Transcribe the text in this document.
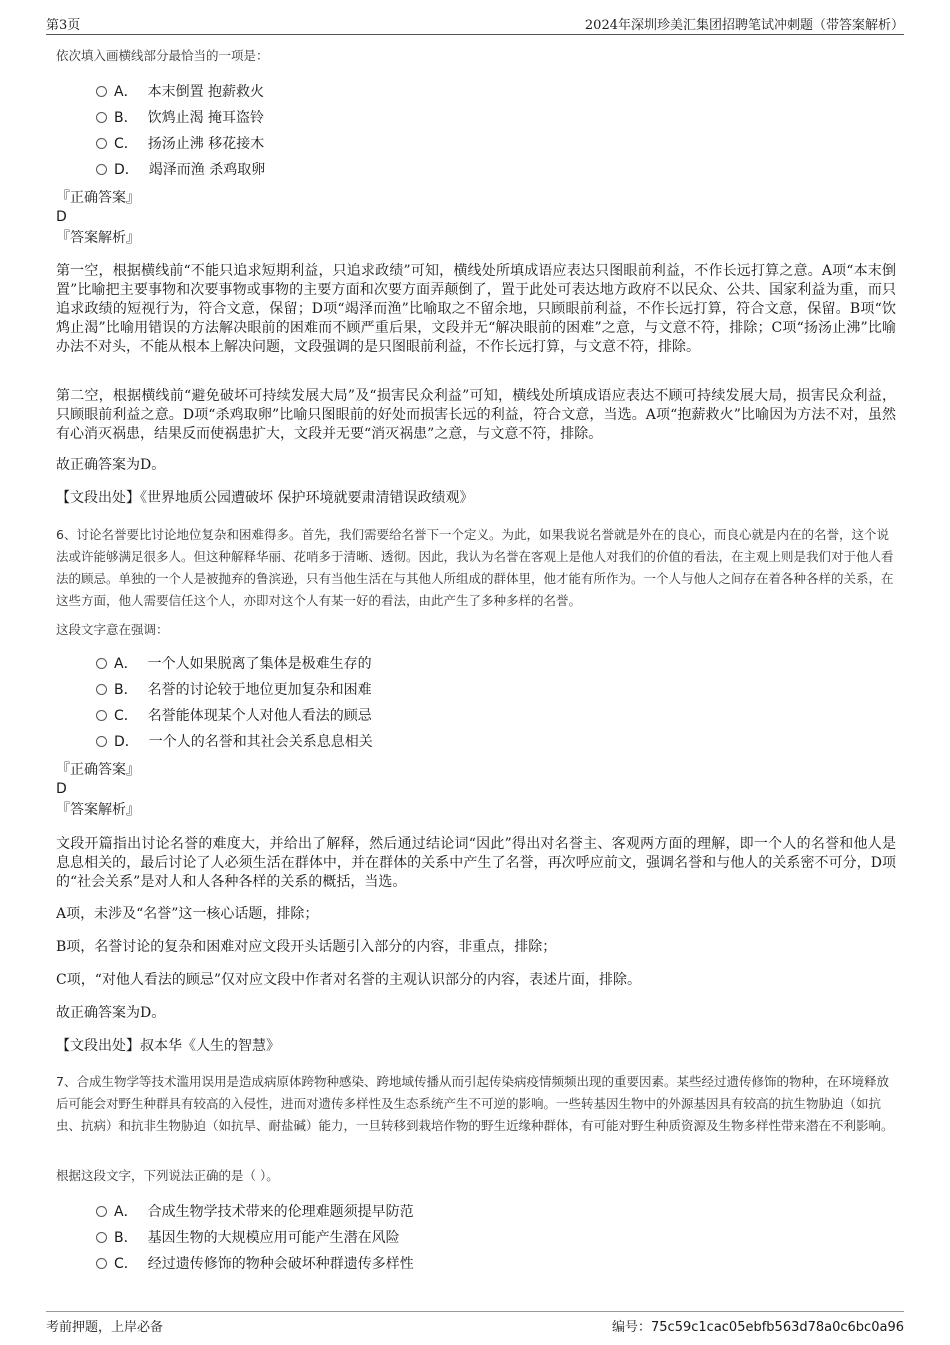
第3页	2024年深圳珍美汇集团招聘笔试冲刺题（带答案解析）
依次填入画横线部分最恰当的一项是：
A． 本末倒置 抱薪救火
B． 饮鸩止渴 掩耳盗铃
C． 扬汤止沸 移花接木
D． 竭泽而渔 杀鸡取卵
『正确答案』
D
『答案解析』
第一空，根据横线前“不能只追求短期利益，只追求政绩”可知，横线处所填成语应表达只图眼前利益，不作长远打算之意。A项“本末倒置”比喻把主要事物和次要事物或事物的主要方面和次要方面弄颠倒了，置于此处可表达地方政府不以民众、公共、国家利益为重，而只追求政绩的短视行为，符合文意，保留；D项“竭泽而渔”比喻取之不留余地，只顾眼前利益，不作长远打算，符合文意，保留。B项“饮鸩止渴”比喻用错误的方法解决眼前的困难而不顾严重后果，文段并无“解决眼前的困难”之意，与文意不符，排除；C项“扬汤止沸”比喻办法不对头，不能从根本上解决问题，文段强调的是只图眼前利益，不作长远打算，与文意不符，排除。
第二空，根据横线前“避免破坏可持续发展大局”及“损害民众利益”可知，横线处所填成语应表达不顾可持续发展大局，损害民众利益，只顾眼前利益之意。D项“杀鸡取卵”比喻只图眼前的好处而损害长远的利益，符合文意，当选。A项“抱薪救火”比喻因为方法不对，虽然有心消灭祸患，结果反而使祸患扩大，文段并无要“消灭祸患”之意，与文意不符，排除。
故正确答案为D。
【文段出处】《世界地质公园遭破坏 保护环境就要肃清错误政绩观》
6、讨论名誉要比讨论地位复杂和困难得多。首先，我们需要给名誉下一个定义。为此，如果我说名誉就是外在的良心，而良心就是内在的名誉，这个说法或许能够满足很多人。但这种解释华丽、花哨多于清晰、透彻。因此，我认为名誉在客观上是他人对我们的价值的看法，在主观上则是我们对于他人看法的顾忌。单独的一个人是被抛弃的鲁滨逊，只有当他生活在与其他人所组成的群体里，他才能有所作为。一个人与他人之间存在着各种各样的关系，在这些方面，他人需要信任这个人，亦即对这个人有某一好的看法，由此产生了多种多样的名誉。
这段文字意在强调：
A． 一个人如果脱离了集体是极难生存的
B． 名誉的讨论较于地位更加复杂和困难
C． 名誉能体现某个人对他人看法的顾忌
D． 一个人的名誉和其社会关系息息相关
『正确答案』
D
『答案解析』
文段开篇指出讨论名誉的难度大，并给出了解释，然后通过结论词“因此”得出对名誉主、客观两方面的理解，即一个人的名誉和他人是息息相关的，最后讨论了人必须生活在群体中，并在群体的关系中产生了名誉，再次呼应前文，强调名誉和与他人的关系密不可分，D项的“社会关系”是对人和人各种各样的关系的概括，当选。
A项，未涉及“名誉”这一核心话题，排除；
B项，名誉讨论的复杂和困难对应文段开头话题引入部分的内容，非重点，排除；
C项，“对他人看法的顾忌”仅对应文段中作者对名誉的主观认识部分的内容，表述片面，排除。
故正确答案为D。
【文段出处】叔本华《人生的智慧》
7、合成生物学等技术滥用误用是造成病原体跨物种感染、跨地域传播从而引起传染病疫情频频出现的重要因素。某些经过遗传修饰的物种，在环境释放后可能会对野生种群具有较高的入侵性，进而对遗传多样性及生态系统产生不可逆的影响。一些转基因生物中的外源基因具有较高的抗生物胁迫（如抗虫、抗病）和抗非生物胁迫（如抗旱、耐盐碱）能力，一旦转移到栽培作物的野生近缘种群体，有可能对野生种质资源及生物多样性带来潜在不利影响。
根据这段文字，下列说法正确的是（ ）。
A． 合成生物学技术带来的伦理难题须提早防范
B． 基因生物的大规模应用可能产生潜在风险
C． 经过遗传修饰的物种会破坏种群遗传多样性
考前押题，上岸必备	编号：75c59c1cac05ebfb563d78a0c6bc0a96
